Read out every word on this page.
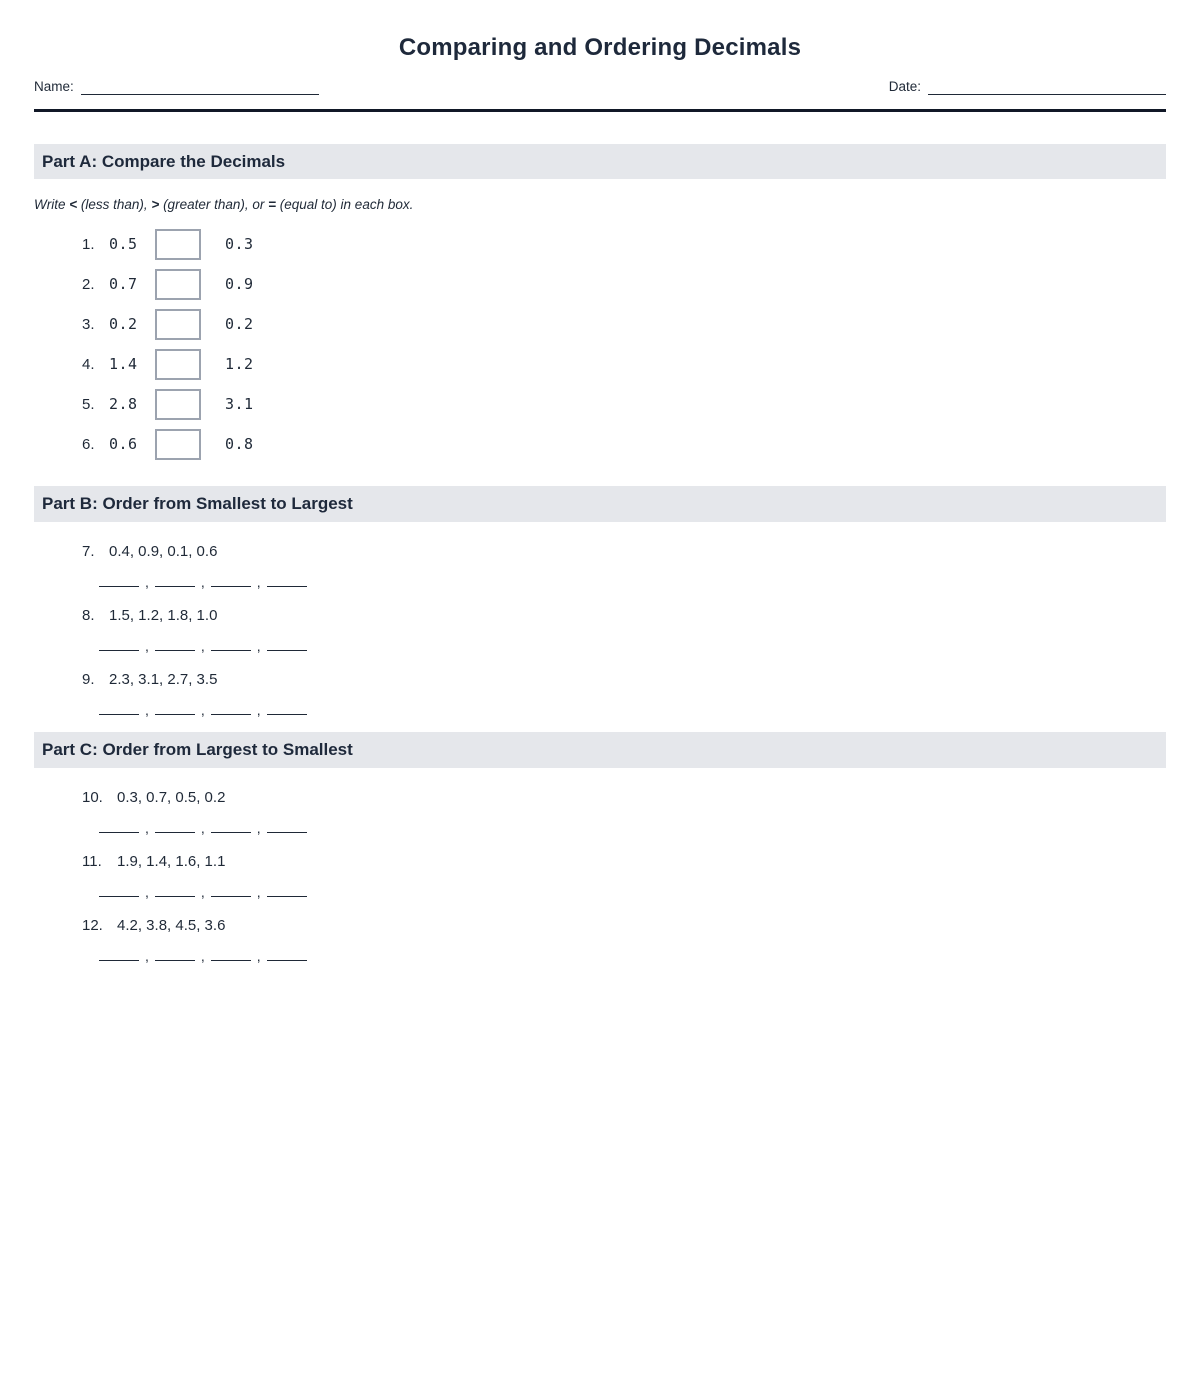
Comparing and Ordering Decimals
Name:	Date:
Part A: Compare the Decimals

Write < (less than), > (greater than), or = (equal to) in each box.

1. 0.5	0.3
2. 0.7	0.9
3. 0.2	0.2
4. 1.4	1.2
5. 2.8	3.1
6. 0.6	0.8
Part B: Order from Smallest to Largest
7. 0.4, 0.9, 0.1, 0.6
,	,	,
8. 1.5, 1.2, 1.8, 1.0
,	,	,
9. 2.3, 3.1, 2.7, 3.5
,	,	,
Part C: Order from Largest to Smallest
10. 0.3, 0.7, 0.5, 0.2
,	,	,
11.	1.9, 1.4, 1.6, 1.1
,	,	,
12. 4.2, 3.8, 4.5, 3.6
,	,	,
